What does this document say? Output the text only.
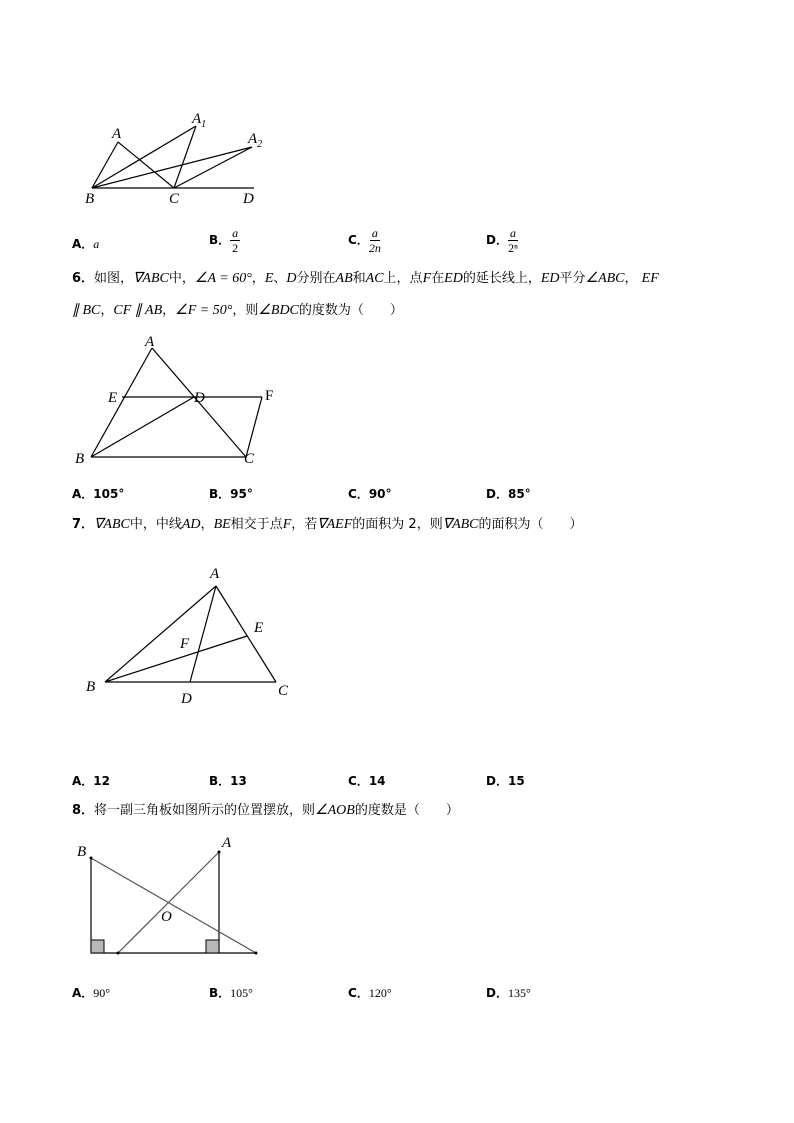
A
$A_1$
$A_2$
B	C	D
A．a	B． $\frac{a}{2}$	C． $\frac{a}{2n}$	D． $\frac{a}{\text{2ⁿ}}$
6．如图，∇ABC中，∠A = 60°，E、D分别在AB和AC上，点F在ED的延长线上，ED平分∠ABC， EF
∥ BC，CF ∥ AB，∠F = 50°，则∠BDC的度数为（　　）
A
E	D	F
B	C
A．105°	B．95°	C．90°	D．85°
7．∇ABC中，中线AD，BE相交于点F，若∇AEF的面积为 2，则∇ABC的面积为（　　）
A
E
F
B
D	C
A．12	B．13	C．14	D．15
8．将一副三角板如图所示的位置摆放，则∠AOB的度数是（　　）
B
A
O
A．90°	B．105°	C．120°	D．135°
